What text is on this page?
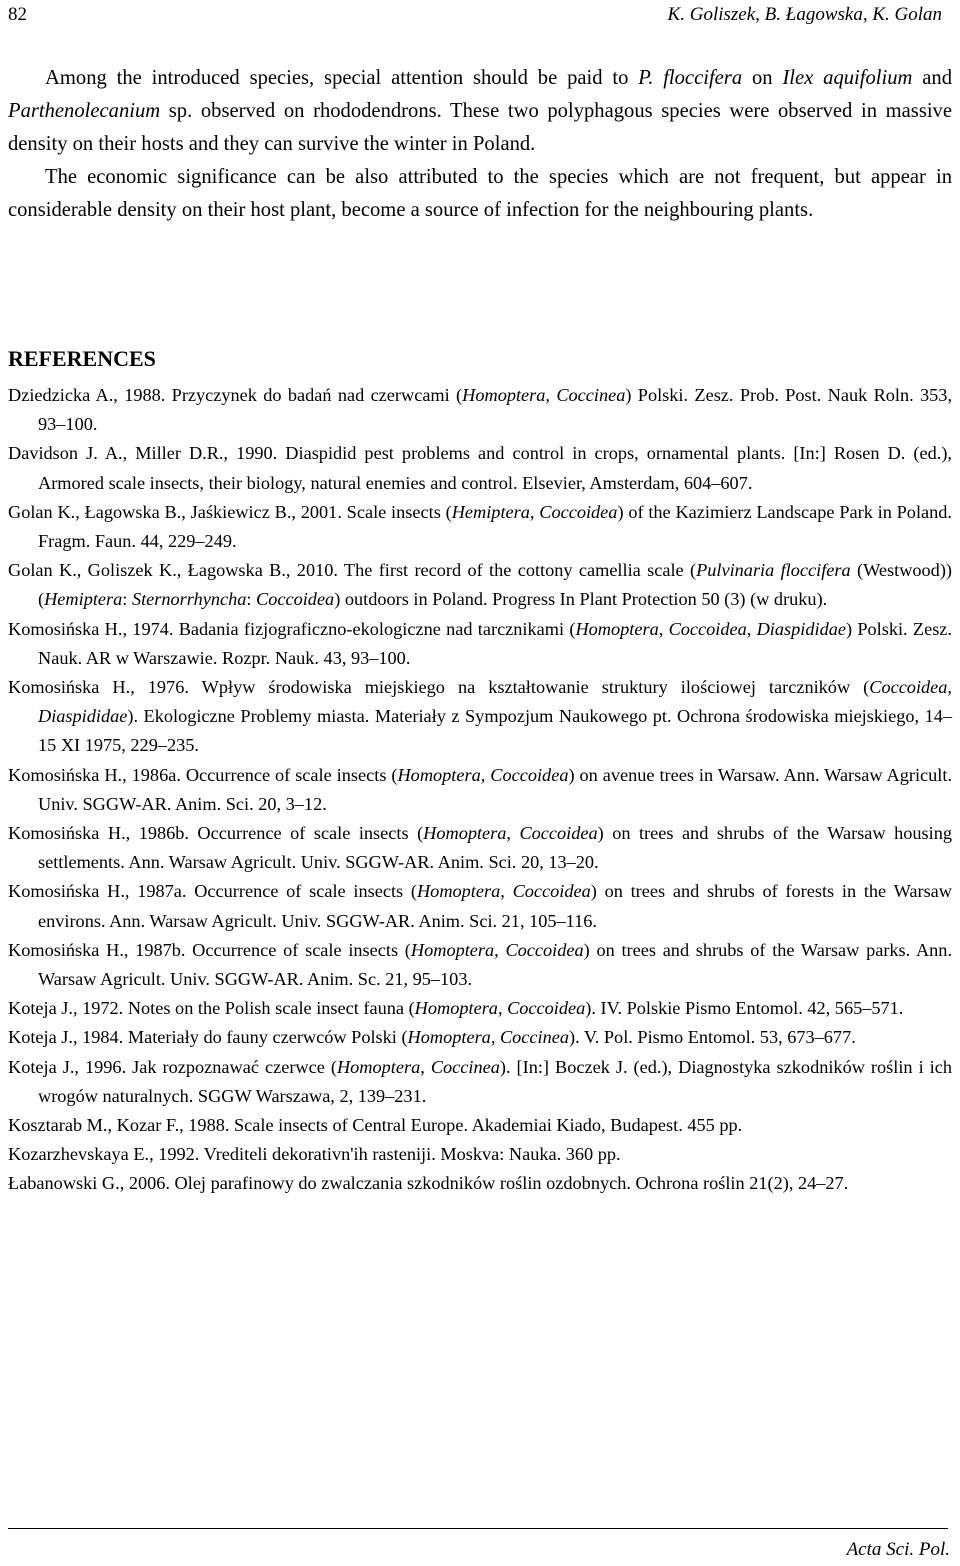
82	K. Goliszek, B. Łagowska, K. Golan

Among the introduced species, special attention should be paid to P. floccifera on Ilex aquifolium and Parthenolecanium sp. observed on rhododendrons. These two polyphagous species were observed in massive density on their hosts and they can survive the winter in Poland.

The economic significance can be also attributed to the species which are not frequent, but appear in considerable density on their host plant, become a source of infection for the neighbouring plants.

REFERENCES
Dziedzicka A., 1988. Przyczynek do badań nad czerwcami (Homoptera, Coccinea) Polski. Zesz. Prob. Post. Nauk Roln. 353, 93–100.
Davidson J. A., Miller D.R., 1990. Diaspidid pest problems and control in crops, ornamental plants. [In:] Rosen D. (ed.), Armored scale insects, their biology, natural enemies and control. Elsevier, Amsterdam, 604–607.
Golan K., Łagowska B., Jaśkiewicz B., 2001. Scale insects (Hemiptera, Coccoidea) of the Kazimierz Landscape Park in Poland. Fragm. Faun. 44, 229–249.
Golan K., Goliszek K., Łagowska B., 2010. The first record of the cottony camellia scale (Pulvinaria floccifera (Westwood)) (Hemiptera: Sternorrhyncha: Coccoidea) outdoors in Poland. Progress In Plant Protection 50 (3) (w druku).
Komosińska H., 1974. Badania fizjograficzno-ekologiczne nad tarcznikami (Homoptera, Coccoidea, Diaspididae) Polski. Zesz. Nauk. AR w Warszawie. Rozpr. Nauk. 43, 93–100.
Komosińska H., 1976. Wpływ środowiska miejskiego na kształtowanie struktury ilościowej tarczników (Coccoidea, Diaspididae). Ekologiczne Problemy miasta. Materiały z Sympozjum Naukowego pt. Ochrona środowiska miejskiego, 14–15 XI 1975, 229–235.
Komosińska H., 1986a. Occurrence of scale insects (Homoptera, Coccoidea) on avenue trees in Warsaw. Ann. Warsaw Agricult. Univ. SGGW-AR. Anim. Sci. 20, 3–12.
Komosińska H., 1986b. Occurrence of scale insects (Homoptera, Coccoidea) on trees and shrubs of the Warsaw housing settlements. Ann. Warsaw Agricult. Univ. SGGW-AR. Anim. Sci. 20, 13–20.
Komosińska H., 1987a. Occurrence of scale insects (Homoptera, Coccoidea) on trees and shrubs of forests in the Warsaw environs. Ann. Warsaw Agricult. Univ. SGGW-AR. Anim. Sci. 21, 105–116.
Komosińska H., 1987b. Occurrence of scale insects (Homoptera, Coccoidea) on trees and shrubs of the Warsaw parks. Ann. Warsaw Agricult. Univ. SGGW-AR. Anim. Sc. 21, 95–103.
Koteja J., 1972. Notes on the Polish scale insect fauna (Homoptera, Coccoidea). IV. Polskie Pismo Entomol. 42, 565–571.
Koteja J., 1984. Materiały do fauny czerwców Polski (Homoptera, Coccinea). V. Pol. Pismo Entomol. 53, 673–677.
Koteja J., 1996. Jak rozpoznawać czerwce (Homoptera, Coccinea). [In:] Boczek J. (ed.), Diagnostyka szkodników roślin i ich wrogów naturalnych. SGGW Warszawa, 2, 139–231.
Kosztarab M., Kozar F., 1988. Scale insects of Central Europe. Akademiai Kiado, Budapest. 455 pp.
Kozarzhevskaya E., 1992. Vrediteli dekorativn'ih rasteniji. Moskva: Nauka. 360 pp.
Łabanowski G., 2006. Olej parafinowy do zwalczania szkodników roślin ozdobnych. Ochrona roślin 21(2), 24–27.
Acta Sci. Pol.
